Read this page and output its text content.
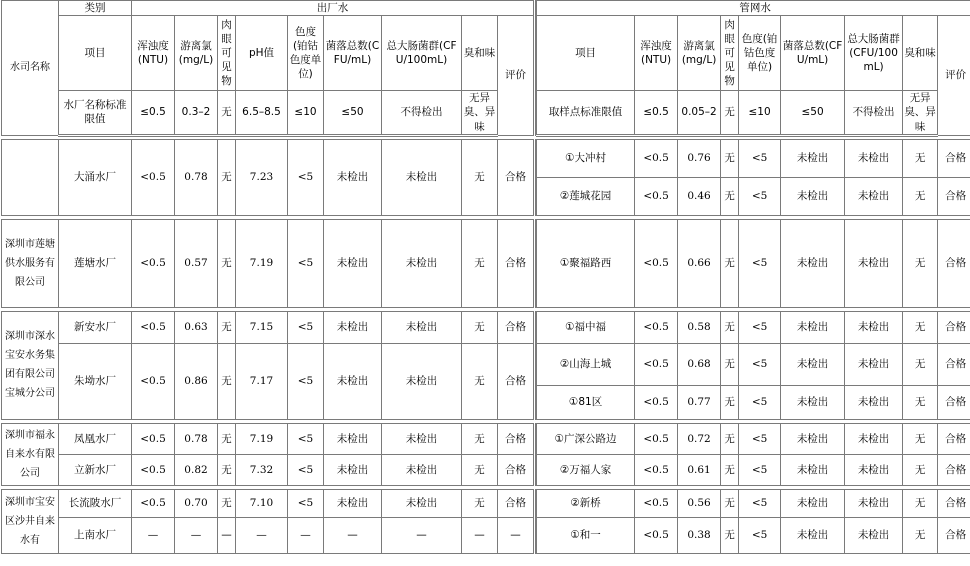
水司名称	类别	出厂水										管网水								
	项目	浑浊度(NTU)	游离氯(mg/L)	肉眼可见物	pH值	色度(铂钴色度单位)	菌落总数(CFU/mL)	总大肠菌群(CFU/100mL)	臭和味	评价		项目	浑浊度(NTU)	游离氯(mg/L)	肉眼可见物	色度(铂钴色度单位)	菌落总数(CFU/mL)	总大肠菌群(CFU/100mL)	臭和味	评价
	水厂名称标准限值	≤0.5	0.3–2	无	6.5–8.5	≤10	≤50	不得检出	无异臭、异味			取样点标准限值	≤0.5	0.05–2	无	≤10	≤50	不得检出	无异臭、异味	

	大涌水厂	<0.5	0.78	无	7.23	<5	未检出	未检出	无	合格		①大冲村	<0.5	0.76	无	<5	未检出	未检出	无	合格
												②莲城花园	<0.5	0.46	无	<5	未检出	未检出	无	合格

深圳市莲塘供水服务有限公司	莲塘水厂	<0.5	0.57	无	7.19	<5	未检出	未检出	无	合格		①聚福路西	<0.5	0.66	无	<5	未检出	未检出	无	合格

深圳市深水宝安水务集团有限公司宝城分公司	新安水厂	<0.5	0.63	无	7.15	<5	未检出	未检出	无	合格		①福中福	<0.5	0.58	无	<5	未检出	未检出	无	合格
	朱坳水厂	<0.5	0.86	无	7.17	<5	未检出	未检出	无	合格		②山海上城	<0.5	0.68	无	<5	未检出	未检出	无	合格
												①81区	<0.5	0.77	无	<5	未检出	未检出	无	合格

深圳市福永自来水有限公司	凤凰水厂	<0.5	0.78	无	7.19	<5	未检出	未检出	无	合格		①广深公路边	<0.5	0.72	无	<5	未检出	未检出	无	合格
	立新水厂	<0.5	0.82	无	7.32	<5	未检出	未检出	无	合格		②万福人家	<0.5	0.61	无	<5	未检出	未检出	无	合格

深圳市宝安区沙井自来水有	长流陂水厂	<0.5	0.70	无	7.10	<5	未检出	未检出	无	合格		②新桥	<0.5	0.56	无	<5	未检出	未检出	无	合格
	上南水厂	—	—	—	—	—	—	—	—	—		①和一	<0.5	0.38	无	<5	未检出	未检出	无	合格
